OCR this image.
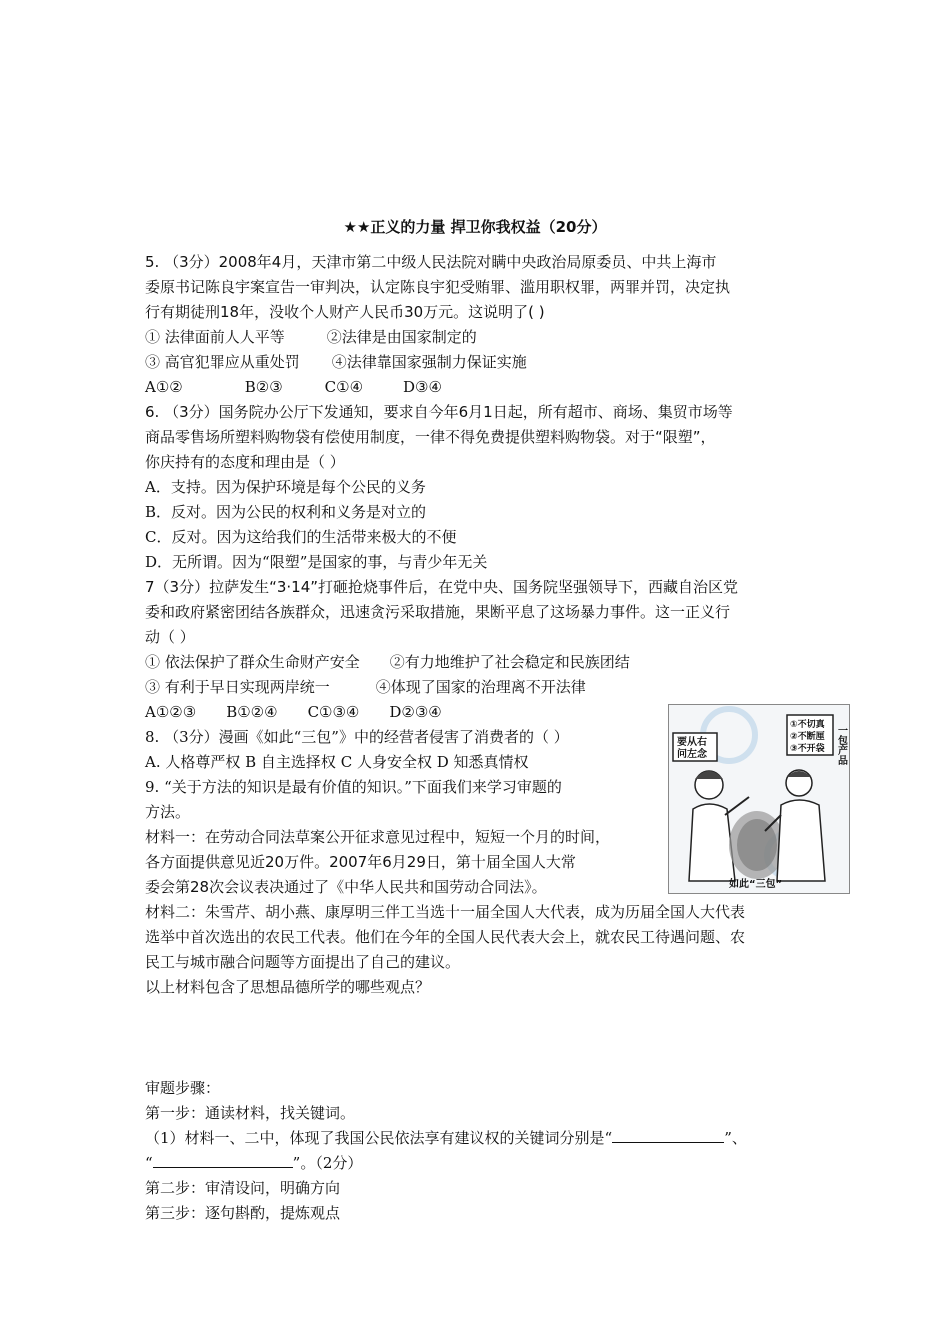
★★正义的力量 捍卫你我权益（20分）
5. （3分）2008年4月，天津市第二中级人民法院对瞒中央政治局原委员、中共上海市
委原书记陈良宇案宣告一审判决，认定陈良宇犯受贿罪、滥用职权罪，两罪并罚，决定执
行有期徒刑18年，没收个人财产人民币30万元。这说明了( )
① 法律面前人人平等	②法律是由国家制定的
③ 高官犯罪应从重处罚 ④法律靠国家强制力保证实施
A①②	B②③	C①④	D③④
6. （3分）国务院办公厅下发通知，要求自今年6月1日起，所有超市、商场、集贸市场等
商品零售场所塑料购物袋有偿使用制度，一律不得免费提供塑料购物袋。对于“限塑”，
你庆持有的态度和理由是（ ）
A．支持。因为保护环境是每个公民的义务
B．反对。因为公民的权利和义务是对立的
C．反对。因为这给我们的生活带来极大的不便
D．无所谓。因为“限塑”是国家的事，与青少年无关
7（3分）拉萨发生“3·14”打砸抢烧事件后，在党中央、国务院坚强领导下，西藏自治区党
委和政府紧密团结各族群众，迅速贪污采取措施，果断平息了这场暴力事件。这一正义行
动（ ）
① 依法保护了群众生命财产安全 ②有力地维护了社会稳定和民族团结
③ 有利于早日实现两岸统一	④体现了国家的治理离不开法律
A①②③ B①②④ C①③④ D②③④
8. （3分）漫画《如此“三包”》中的经营者侵害了消费者的（ ）
A. 人格尊严权 B 自主选择权 C 人身安全权 D 知悉真情权
要从右
问左念
①不切真
②不断厘
③不开袋 一包产品
如此“三包”
9. “关于方法的知识是最有价值的知识。”下面我们来学习审题的
方法。
材料一：在劳动合同法草案公开征求意见过程中，短短一个月的时间，
各方面提供意见近20万件。2007年6月29日，第十届全国人大常
委会第28次会议表决通过了《中华人民共和国劳动合同法》。
材料二：朱雪芹、胡小燕、康厚明三伴工当选十一届全国人大代表，成为历届全国人大代表
选举中首次选出的农民工代表。他们在今年的全国人民代表大会上，就农民工待遇问题、农
民工与城市融合问题等方面提出了自己的建议。
以上材料包含了思想品德所学的哪些观点？
审题步骤：
第一步：通读材料，找关键词。
（1）材料一、二中，体现了我国公民依法享有建议权的关键词分别是“	”、
“	”。（2分）
第二步：审清设问，明确方向
第三步：逐句斟酌，提炼观点
